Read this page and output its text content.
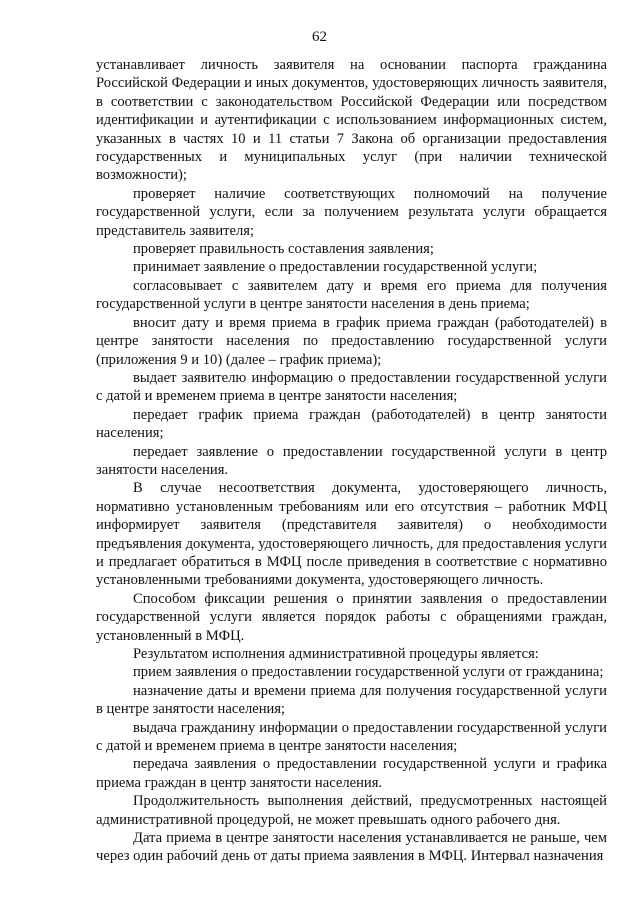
62

устанавливает личность заявителя на основании паспорта гражданина Российской Федерации и иных документов, удостоверяющих личность заявителя, в соответствии с законодательством Российской Федерации или посредством идентификации и аутентификации с использованием информационных систем, указанных в частях 10 и 11 статьи 7 Закона об организации предоставления государственных и муниципальных услуг (при наличии технической возможности);

проверяет наличие соответствующих полномочий на получение государственной услуги, если за получением результата услуги обращается представитель заявителя;

проверяет правильность составления заявления;

принимает заявление о предоставлении государственной услуги;

согласовывает с заявителем дату и время его приема для получения государственной услуги в центре занятости населения в день приема;

вносит дату и время приема в график приема граждан (работодателей) в центре занятости населения по предоставлению государственной услуги (приложения 9 и 10) (далее – график приема);

выдает заявителю информацию о предоставлении государственной услуги с датой и временем приема в центре занятости населения;

передает график приема граждан (работодателей) в центр занятости населения;

передает заявление о предоставлении государственной услуги в центр занятости населения.

В случае несоответствия документа, удостоверяющего личность, нормативно установленным требованиям или его отсутствия – работник МФЦ информирует заявителя (представителя заявителя) о необходимости предъявления документа, удостоверяющего личность, для предоставления услуги и предлагает обратиться в МФЦ после приведения в соответствие с нормативно установленными требованиями документа, удостоверяющего личность.

Способом фиксации решения о принятии заявления о предоставлении государственной услуги является порядок работы с обращениями граждан, установленный в МФЦ.

Результатом исполнения административной процедуры является:

прием заявления о предоставлении государственной услуги от гражданина;

назначение даты и времени приема для получения государственной услуги в центре занятости населения;

выдача гражданину информации о предоставлении государственной услуги с датой и временем приема в центре занятости населения;

передача заявления о предоставлении государственной услуги и графика приема граждан в центр занятости населения.

Продолжительность выполнения действий, предусмотренных настоящей административной процедурой, не может превышать одного рабочего дня.

Дата приема в центре занятости населения устанавливается не раньше, чем через один рабочий день от даты приема заявления в МФЦ. Интервал назначения
